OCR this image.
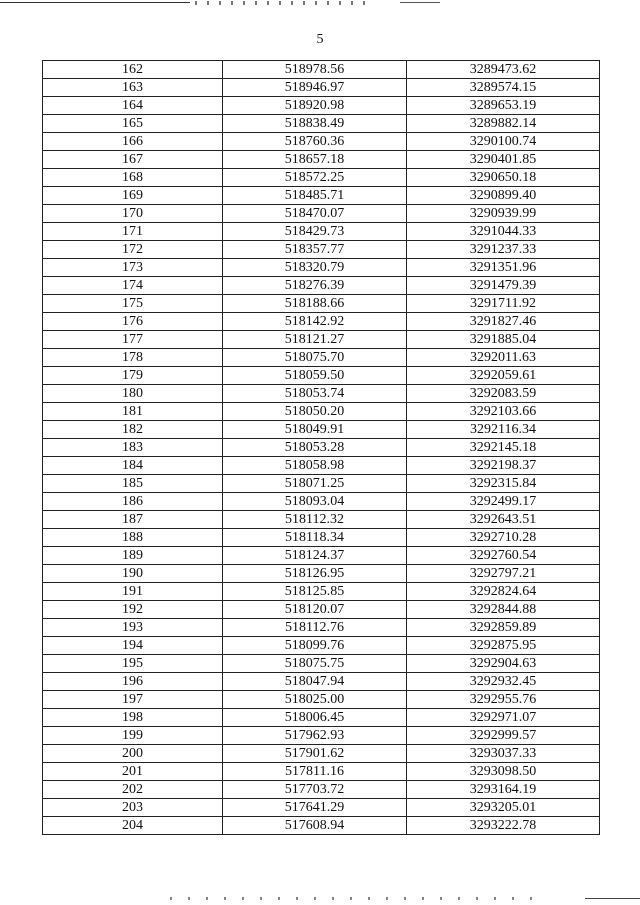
5
162	518978.56	3289473.62
163	518946.97	3289574.15
164	518920.98	3289653.19
165	518838.49	3289882.14
166	518760.36	3290100.74
167	518657.18	3290401.85
168	518572.25	3290650.18
169	518485.71	3290899.40
170	518470.07	3290939.99
171	518429.73	3291044.33
172	518357.77	3291237.33
173	518320.79	3291351.96
174	518276.39	3291479.39
175	518188.66	3291711.92
176	518142.92	3291827.46
177	518121.27	3291885.04
178	518075.70	3292011.63
179	518059.50	3292059.61
180	518053.74	3292083.59
181	518050.20	3292103.66
182	518049.91	3292116.34
183	518053.28	3292145.18
184	518058.98	3292198.37
185	518071.25	3292315.84
186	518093.04	3292499.17
187	518112.32	3292643.51
188	518118.34	3292710.28
189	518124.37	3292760.54
190	518126.95	3292797.21
191	518125.85	3292824.64
192	518120.07	3292844.88
193	518112.76	3292859.89
194	518099.76	3292875.95
195	518075.75	3292904.63
196	518047.94	3292932.45
197	518025.00	3292955.76
198	518006.45	3292971.07
199	517962.93	3292999.57
200	517901.62	3293037.33
201	517811.16	3293098.50
202	517703.72	3293164.19
203	517641.29	3293205.01
204	517608.94	3293222.78
